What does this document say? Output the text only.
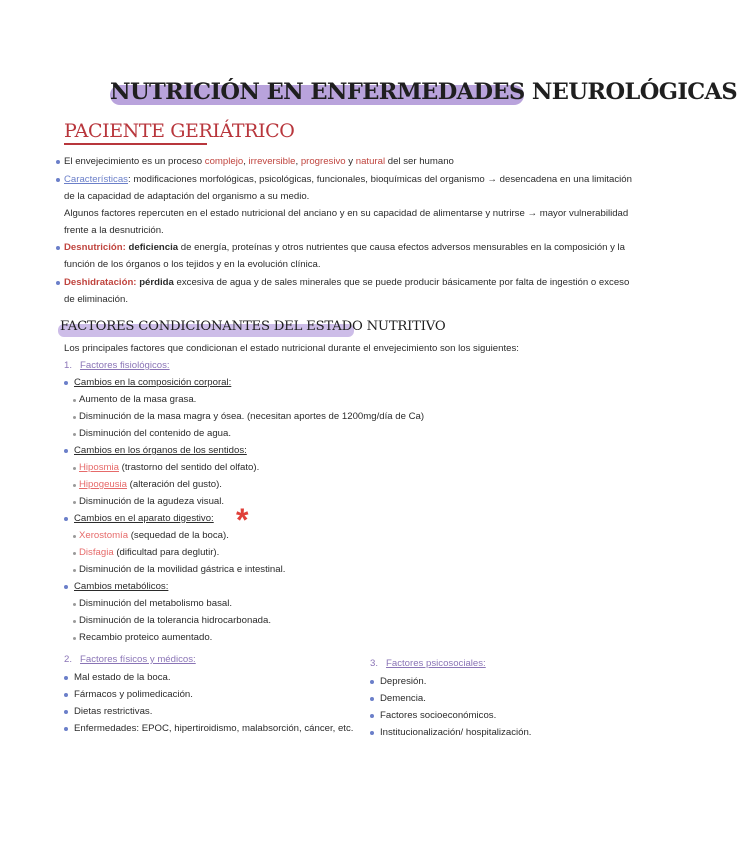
NUTRICIÓN EN ENFERMEDADES NEUROLÓGICAS
PACIENTE GERIÁTRICO
El envejecimiento es un proceso complejo, irreversible, progresivo y natural del ser humano
Características: modificaciones morfológicas, psicológicas, funcionales, bioquímicas del organismo → desencadena en una limitación
de la capacidad de adaptación del organismo a su medio.
Algunos factores repercuten en el estado nutricional del anciano y en su capacidad de alimentarse y nutrirse → mayor vulnerabilidad
frente a la desnutrición.
Desnutrición: deficiencia de energía, proteínas y otros nutrientes que causa efectos adversos mensurables en la composición y la
función de los órganos o los tejidos y en la evolución clínica.
Deshidratación: pérdida excesiva de agua y de sales minerales que se puede producir básicamente por falta de ingestión o exceso
de eliminación.
FACTORES CONDICIONANTES DEL ESTADO NUTRITIVO
Los principales factores que condicionan el estado nutricional durante el envejecimiento son los siguientes:
1. Factores fisiológicos:
Cambios en la composición corporal:
Aumento de la masa grasa.
Disminución de la masa magra y ósea. (necesitan aportes de 1200mg/día de Ca)
Disminución del contenido de agua.
Cambios en los órganos de los sentidos:
Hiposmia (trastorno del sentido del olfato).
Hipogeusia (alteración del gusto).
Disminución de la agudeza visual.
Cambios en el aparato digestivo: *
Xerostomía (sequedad de la boca).
Disfagia (dificultad para deglutir).
Disminución de la movilidad gástrica e intestinal.
Cambios metabólicos:
Disminución del metabolismo basal.
Disminución de la tolerancia hidrocarbonada.
Recambio proteico aumentado.
2. Factores físicos y médicos:
Mal estado de la boca.
Fármacos y polimedicación.
Dietas restrictivas.
Enfermedades: EPOC, hipertiroidismo, malabsorción, cáncer, etc.
3. Factores psicosociales:
Depresión.
Demencia.
Factores socioeconómicos.
Institucionalización/ hospitalización.
